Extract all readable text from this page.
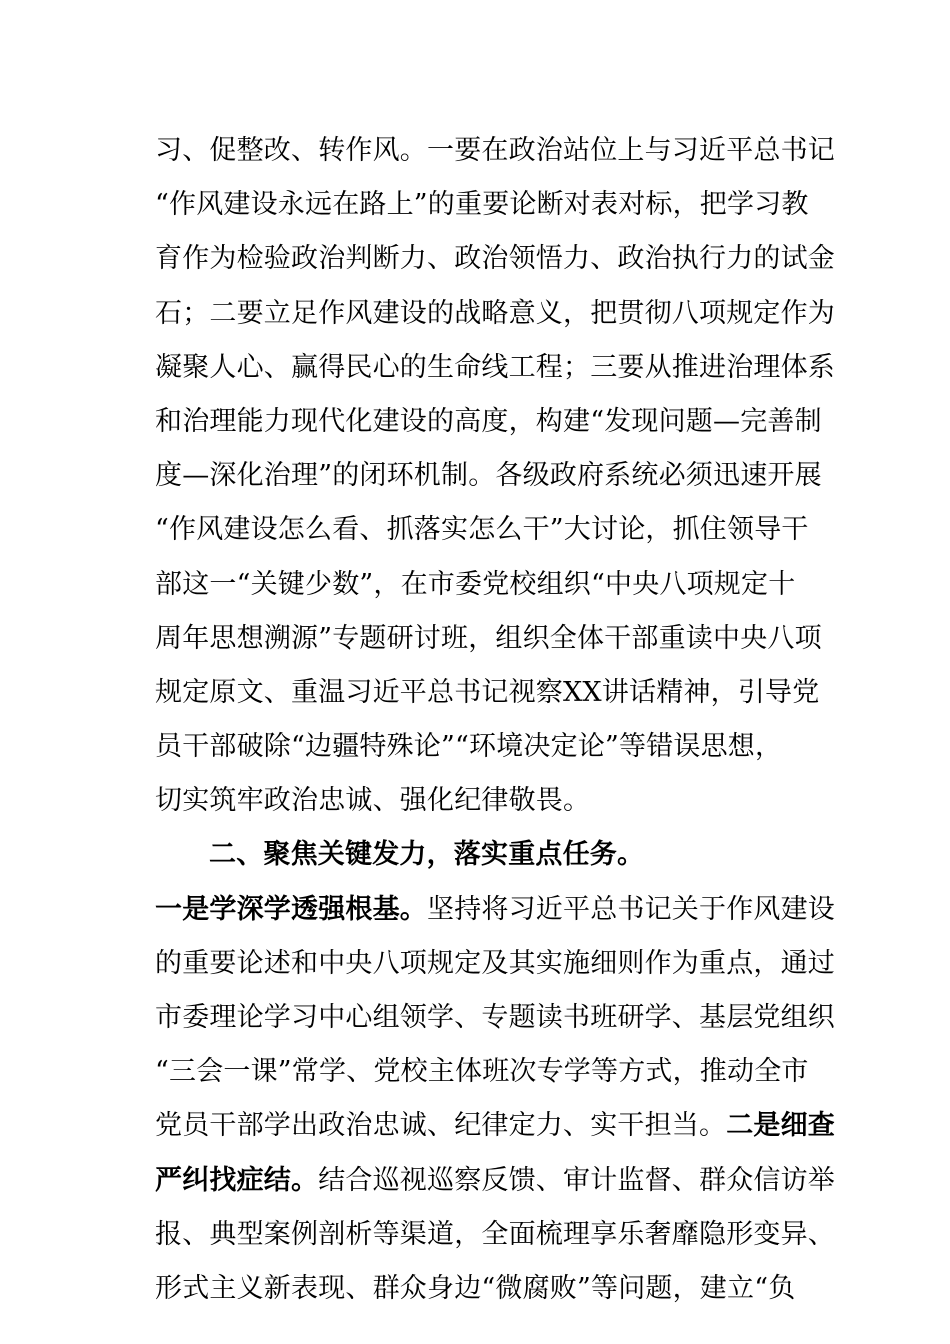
习、促整改、转作风。一要在政治站位上与习近平总书记
“作风建设永远在路上”的重要论断对表对标，把学习教
育作为检验政治判断力、政治领悟力、政治执行力的试金
石；二要立足作风建设的战略意义，把贯彻八项规定作为
凝聚人心、赢得民心的生命线工程；三要从推进治理体系
和治理能力现代化建设的高度，构建“发现问题—完善制
度—深化治理”的闭环机制。各级政府系统必须迅速开展
“作风建设怎么看、抓落实怎么干”大讨论，抓住领导干
部这一“关键少数”，在市委党校组织“中央八项规定十
周年思想溯源”专题研讨班，组织全体干部重读中央八项
规定原文、重温习近平总书记视察XX讲话精神，引导党
员干部破除“边疆特殊论”“环境决定论”等错误思想，
切实筑牢政治忠诚、强化纪律敬畏。
二、聚焦关键发力，落实重点任务。
一是学深学透强根基。坚持将习近平总书记关于作风建设
的重要论述和中央八项规定及其实施细则作为重点，通过
市委理论学习中心组领学、专题读书班研学、基层党组织
“三会一课”常学、党校主体班次专学等方式，推动全市
党员干部学出政治忠诚、纪律定力、实干担当。二是细查
严纠找症结。结合巡视巡察反馈、审计监督、群众信访举
报、典型案例剖析等渠道，全面梳理享乐奢靡隐形变异、
形式主义新表现、群众身边“微腐败”等问题，建立“负
